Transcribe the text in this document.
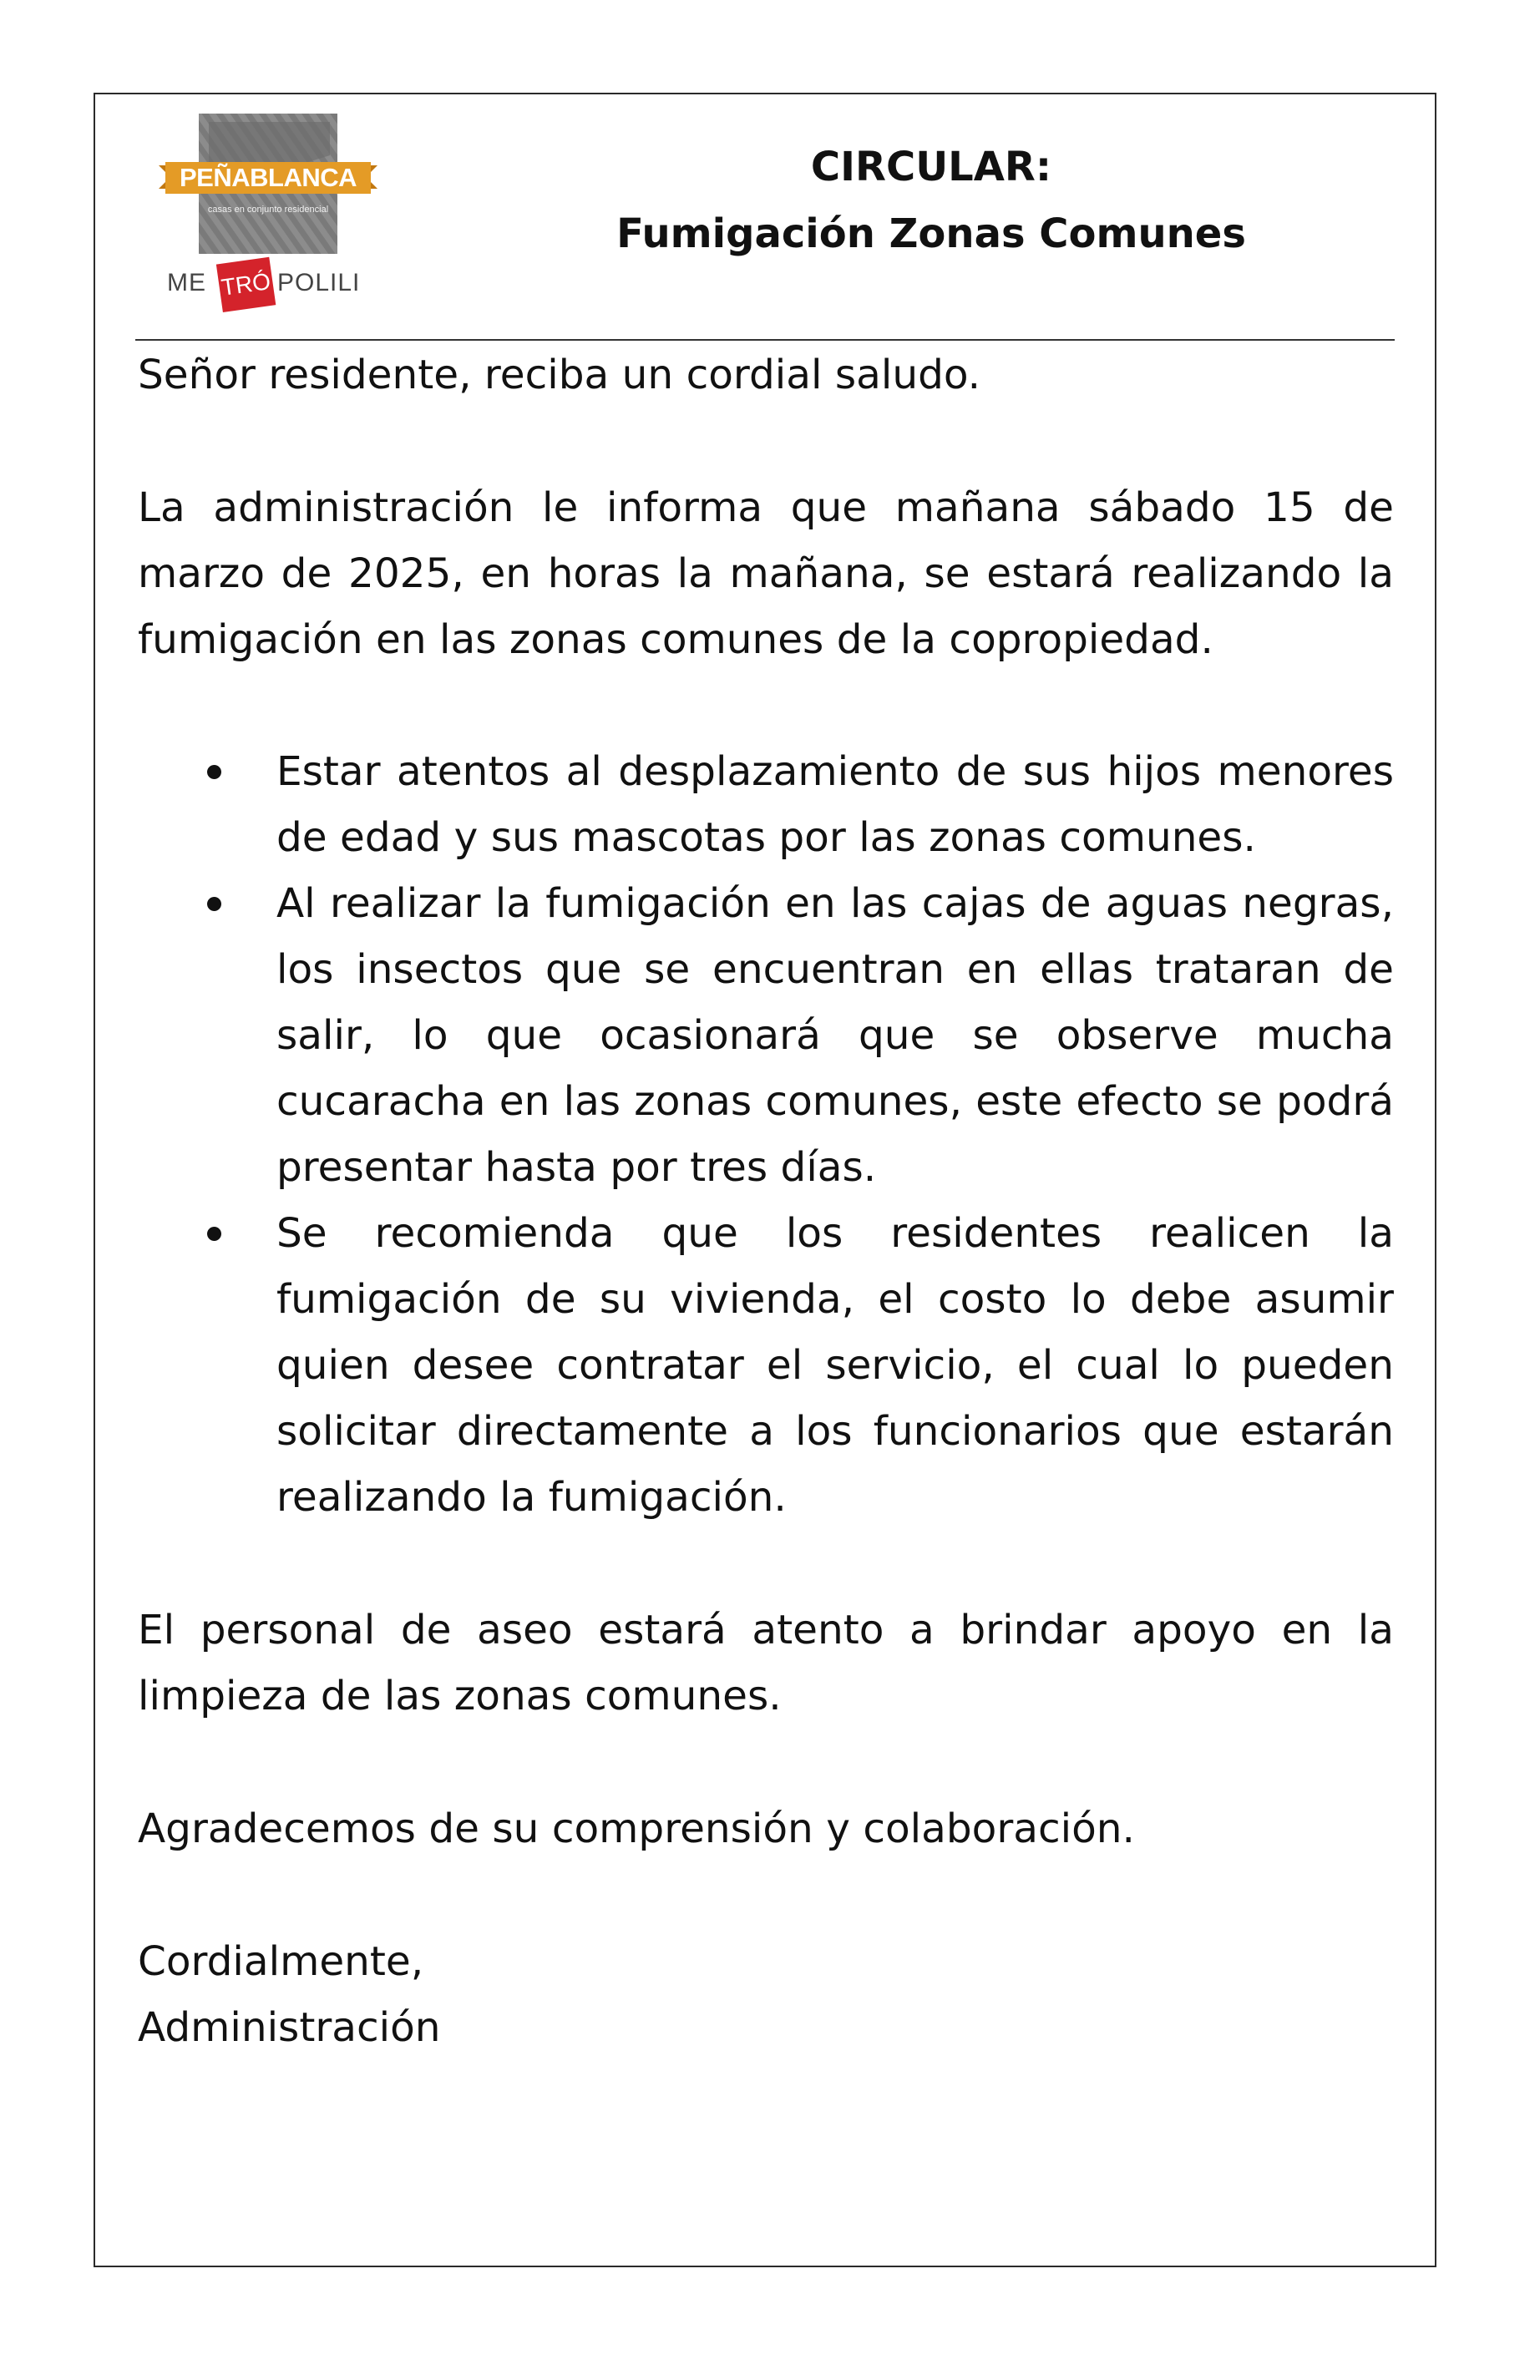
PEÑABLANCA
casas en conjunto residencial
ME TRÓ POLILI
CIRCULAR:
Fumigación Zonas Comunes

Señor residente, reciba un cordial saludo.

La administración le informa que mañana sábado 15 de marzo de 2025, en horas la mañana, se estará realizando la fumigación en las zonas comunes de la copropiedad.

Estar atentos al desplazamiento de sus hijos menores de edad y sus mascotas por las zonas comunes.
Al realizar la fumigación en las cajas de aguas negras, los insectos que se encuentran en ellas trataran de salir, lo que ocasionará que se observe mucha cucaracha en las zonas comunes, este efecto se podrá presentar hasta por tres días.
Se recomienda que los residentes realicen la fumigación de su vivienda, el costo lo debe asumir quien desee contratar el servicio, el cual lo pueden solicitar directamente a los funcionarios que estarán realizando la fumigación.

El personal de aseo estará atento a brindar apoyo en la limpieza de las zonas comunes.

Agradecemos de su comprensión y colaboración.

Cordialmente,

Administración
